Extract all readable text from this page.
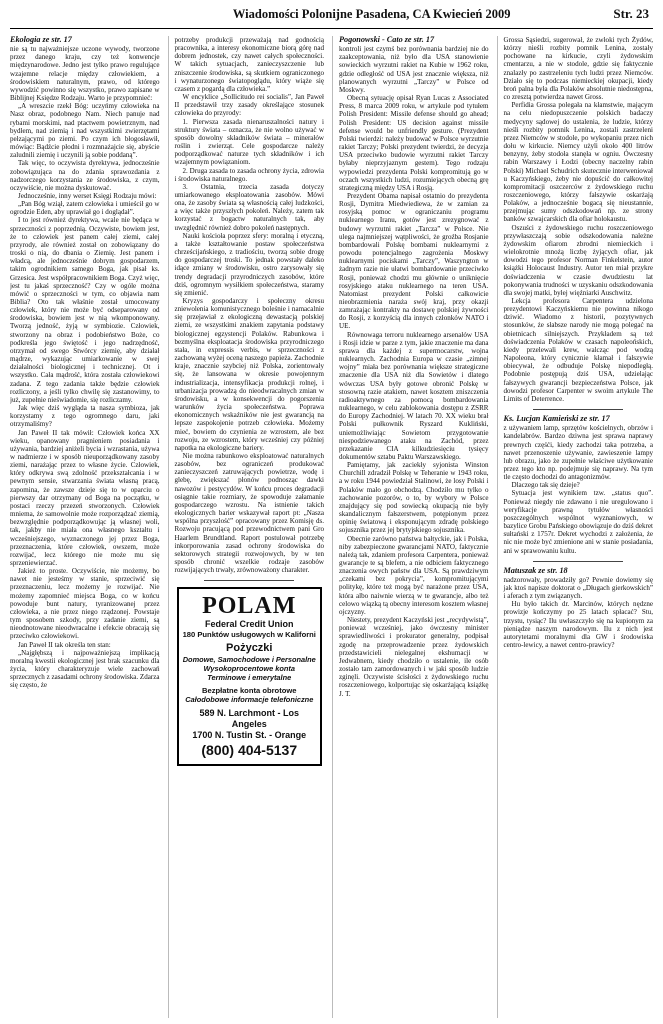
Wiadomości Polonijne Pasadena, CA Kwiecień 2009	Str. 23
Ekologia ze str. 17

nie są tu najważniejsze uczone wywody, tworzone przez danego kraju, czy też konwencje międzynarodowe. Jedno jest tylko prawo regulujące wzajemne relacje między człowiekiem, a środowiskiem naturalnym, prawo, od którego wywodzić powinno się wszystko, prawo zapisane w Biblijnej Księdze Rodzaju. Warto je przypomnieć:

„A wreszcie rzekł Bóg: uczyńmy człowieka na Nasz obraz, podobnego Nam. Niech panuje nad rybami morskimi, nad ptactwem powietrznym, nad bydłem, nad ziemią i nad wszystkimi zwierzętami pełzającymi po ziemi. Po czym ich błogosławił, mówiąc: Bądźcie płodni i rozmnażajcie się, abyście zaludnili ziemię i uczynili ją sobie poddaną”.

Tak więc, to oczywista dyrektywa, jednocześnie zobowiązująca na do zdania sprawozdania z nadzorczego korzystania ze środowiska, z czym, oczywiście, nie można dyskutować.

Jednocześnie, inny werset Księgi Rodzaju mówi:

„Pan Bóg wziął, zatem człowieka i umieścił go w ogrodzie Eden, aby uprawiał go i doglądał”.

I to jest również dyrektywa, wcale nie będąca w sprzeczności z poprzednią. Oczywiste, bowiem jest, że to człowiek jest panem całej ziemi, całej przyrody, ale również został on zobowiązany do troski o nią, do dbania o Ziemię. Jest panem i władcą, ale jednocześnie dobrym gospodarzem, takim ogrodnikiem samego Boga, jak pisał ks. Grzesica. Jest współpracownikiem Boga. Czyż więc, jest tu jakaś sprzeczność? Czy w ogóle można mówić o sprzeczności w tym, co objawia nam Biblia? Oto tak właśnie został umocowany człowiek, który nie może być odseparowany od środowiska, bowiem jest w nią wkomponowany. Tworzą jedność, żyją w symbiozie. Człowiek, stworzony na obraz i podobieństwo Boże, co podkreśla jego świętość i jego nadrzędność, otrzymał od swego Stwórcy ziemię, aby działał mądrze, wykazując umiarkowanie w swej działalności biologicznej i technicznej. Ot i wszystko. Cała mądrość, która została człowiekowi zadana. Z tego zadania także będzie człowiek rozliczony, a jeśli tylko chwilę się zastanowimy, to już, zupełnie nieświadomie, się rozliczamy.

Jak więc dziś wygląda ta nasza symbioza, jak korzystamy z tego ogromnego daru, jaki otrzymaliśmy?

Jan Paweł II tak mówił: Człowiek końca XX wieku, opanowany pragnieniem posiadania i używania, bardziej aniżeli bycia i wzrastania, używa w nadmierze i w sposób nieuporządkowany zasoby ziemi, narażając przez to własne życie. Człowiek, który odkrywa swą zdolność przekształcania i w pewnym sensie, stwarzania świata własną pracą, zapomina, że zawsze dzieje się to w oparciu o pierwszy dar otrzymany od Boga na początku, w postaci rzeczy przezeń stworzonych. Człowiek mniema, że samowolnie może rozporządzać ziemią, bezwzględnie podporządkowując ją własnej woli, tak, jakby nie miała ona własnego kształtu i wcześniejszego, wyznaczonego jej przez Boga, przeznaczenia, które człowiek, owszem, może rozwijać, lecz którego nie może mu się sprzeniewierzać.

Jakież to proste. Oczywiście, nie możemy, bo nawet nie jesteśmy w stanie, sprzeciwić się przeznaczeniu, lecz możemy je rozwijać. Nie możemy zapomnieć miejsca Boga, co w końcu powoduje bunt natury, tyranizowanej przez człowieka, a nie przez niego rządzonej. Powstaje tym sposobem szkody, przy zadanie ziemi, są nieodnotowane nieodwracalne i efekcie obracają się przeciwko człowiekowi.

Jan Paweł II tak określa ten stan:

„Najgłębszą i najpoważniejszą implikacją moralną kwestii ekologicznej jest brak szacunku dla życia, który charakteryzuje wiele zachowań sprzecznych z zasadami ochrony środowiska. Zdarza się często, że

potrzeby produkcji przeważają nad godnością pracownika, a interesy ekonomiczne biorą górę nad dobrem jednostek, czy nawet całych społeczności. W takich sytuacjach, zanieczyszczenie lub zniszczenie środowiska, są skutkiem ograniczonego i wynaturzonego światopoglądu, który wiąże się czasem z pogardą dla człowieka.”

W encyklice „Sollicitudo rei socialis”, Jan Paweł II przedstawił trzy zasady określające stosunek człowieka do przyrody:

1. Pierwsza zasada nienaruszalności natury i struktury świata – oznacza, że nie wolno używać w sposób dowolny składników świata – minerałów roślin i zwierząt. Cele gospodarcze należy podporządkować naturze tych składników i ich wzajemnym powiązaniom.

2. Druga zasada to zasada ochrony życia, zdrowia i środowiska naturalnego.

3. Ostatnia, trzecia zasada dotyczy umiarkowanego eksploatowania zasobów. Mówi ona, że zasoby świata są własnością całej ludzkości, a więc także przyszłych pokoleń. Należy, zatem tak korzystać z bogactw naturalnych tak, aby uwzględnić również dobro pokoleń następnych.

Nauki kościoła poprzez sfery: moralną i etyczną, a także kształtowanie postaw społeczeństwa chrześcijańskiego, z tradiościu, tworzą sobie drogę do gospodarczej troski. To jednak powstały daleko idące zmiany w środowisku, ostro zarysowały się trendy degradacji przyrodniczych zasobów, które dziś, ogromnym wysiłkiem społeczeństwa, staramy się zmienić.

Kryzys gospodarczy i społeczny okresu zniewolenia komunistycznego boleśnie i namacalnie się przejawiał z ekologiczną dewastacją polskiej ziemi, ze wszystkimi znakiem zapytania podstawy biologicznej egzystencji Polaków. Rabunkowa i bezmyślna eksploatacja środowiska przyrodniczego stała, in expressis verbis, w sprzeczności z zachowaną wyżej oceną naszego papieża. Zachodnie kraje, znacznie szybciej niż Polska, zorientowały się, że lansowana w okresie powojennym industrializacja, intensyfikacja produkcji rolnej, i urbanizacja prowadzą do nieodwracalnych zmian w środowisku, a w konsekwencji do pogorszenia warunków życia społeczeństwa. Poprawa ekonomicznych wskaźników nie jest gwarancją na lepsze zaspokojenie potrzeb człowieka. Możemy mieć, bowiem do czynienia ze wzrostem, ale bez rozwoju, ze wzrostem, który wcześniej czy później napotka na ekologiczne bariery.

Nie można rabunkowo eksploatować naturalnych zasobów, bez ograniczeń produkować zanieczyszczeń zatruwających powietrze, wodę i glebę, zwiększać płonów podnosząc dawki nawozów i pestycydów. W końcu proces degradacji osiągnie takie rozmiary, że spowoduje załamanie gospodarczego wzrostu. Na istnienie takich ekologicznych barier wskazywał raport pt: „Nasza wspólna przyszłość” opracowany przez Komisję ds. Rozwoju pracującą pod przewodnictwem pani Gro Haarlem Brundtland. Raport postulował potrzebę inkorporowania zasad ochrony środowiska do sektorowych strategii rozwojowych, by w ten sposób chronić wszelkie rodzaje zasobów rozwijających trwały, zrównoważony charakter.

POLAM
Federal Credit Union
180 Punktów usługowych w Kaliforni
Pożyczki
Domowe, Samochodowe i Personalne
Wysokoprocentowe konta
Terminowe i emerytalne
Bezpłatne konta obrotowe
Całodobowe informacje telefoniczne
589 N. Larchmont - Los Angeles
1700 N. Tustin St. - Orange
(800) 404-5137
Pogonowski - Cato ze str. 17

kontroli jest czymś bez porównania bardziej nie do zaakceptowania, niż było dla USA stanowienie sowieckich wyrzutni rakiet na Kubie w 1962 roku, gdzie odległość od USA jest znacznie większa, niż planowanych wyrzutni „Tarczy” w Polsce od Moskwy.

Obecną sytuację opisał Ryan Lucas z Associated Press, 8 marca 2009 roku, w artykule pod tytułem Polish President: Missile defense should go ahead; Polish President: US decision against missile defense would be unfriendly gesture. (Prezydent Polski twierdzi: należy budować w Polsce wyrzutnie rakiet Tarczy; Polski prezydent twierdzi, że decyzja USA przeciwko budowie wyrzutni rakiet Tarczy byłaby nieprzyjaznym gestem). Tego rodzaju wypowiedzi prezydenta Polski kompromitują go w oczach wszystkich ludzi, rozumiejących obecną grę strategiczną między USA i Rosją.

Prezydent Obama napisał ostatnio do prezydenta Rosji, Dymitra Miedwiediewa, że w zamian za rosyjską pomoc w ograniczaniu programu nuklearnego Iranu, gotów jest zrezygnować z budowy wyrzutni rakiet „Tarcza” w Polsce. Nie ulega najmniejszej wątpliwości, że groźba Rosjanie bombardowali Polskę bombami nuklearnymi z powodu potencjalnego zagrożenia Moskwy nuklearnymi pociskami „Tarczy”, Waszyngton w żadnym razie nie ułatwi bombardowanie przeciwko Rosji, ponieważ chodzi mu głównie o uniknięcie rosyjskiego ataku nuklearnego na teren USA. Natomiast prezydent Polski całkowicie nieobrazmienia naraża swój kraj, przy okazji zamrażając kontrakty na dostawę polskiej żywności do Rosji, z korzyścią dla innych członków NATO i UE.

Równowaga terroru nuklearnego arsenałów USA i Rosji idzie w parze z tym, jakie znaczenie ma dana sprawa dla każdej z supermocarstw, wojna nuklearnych. Zachodnia Europa w czasie „zimnej wojny” miała bez porównania większe strategiczne znaczenie dla USA niż dla Sowietów i dlatego wówczas USA były gotowe obronić Polskę w stosowną razie atakiem, nawet kosztem zniszczenia radioaktywnego za pomocą bombardowania nuklearnego, w celu zablokowania dostępu z ZSRR do Europy Zachodniej. W latach 70. XX wieku brał Polski pułkownik Ryszard Kukliński, uniemożliwiając Sowietom przygotowanie niespodziewanego ataku na Zachód, przez przekazanie CIA kilkudziesięciu tysięcy dokumentów sztabu Paktu Warszawskiego.

Pamiętamy, jak zaciekły syjonista Winston Churchill zdradził Polskę w Teheranie w 1943 roku, a w roku 1944 powiedział Stalinowi, że losy Polski i Polaków mało go obchodzą. Chodziło mu tylko o zachowanie pozorów, o to, by wybory w Polsce znajdujący się pod sowiecką okupacją nie były skandalicznym fałszerstwem, potępionym przez opinię światową i eksponującym zdradę polskiego sojusznika przez jej brytyjskiego sojusznika.

Obecnie zarówno państwa bałtyckie, jak i Polska, niby zabezpieczone gwarancjami NATO, faktycznie należą tak, zdaniem profesora Carpentera, ponieważ gwarancje te są blefem, a nie odbiciem faktycznego znaczenia owych państw dla USA. Są prawdziwym „czekami bez pokrycia”, kompromitującymi politykę, które też mogą być narażone przez USA, która albo naiwnie wierzą w te gwarancje, albo też celowo wiązką tą obecny interesom kosztem własnej ojczyzny.

Niestety, prezydent Kaczyński jest „recydywistą”, ponieważ wcześniej, jako ówczesny minister sprawiedliwości i prokurator generalny, podpisał zgodę na przeprowadzenie przez żydowskich przedstawicieli nielegalnej ekshumacji w Jedwabnem, kiedy chodziło o ustalenie, ile osób zostało tam zamordowanych i w jaki sposób ludzie zginęli. Oczywiste ścisłości z żydowskiego ruchu roszczeniowego, kolportując się oskarżającą książkę J. T.

Grossa Sąsiedzi, sugerował, że zwłoki tych Żydów, którzy nieśli rozbity pomnik Lenina, zostały pochowane na kirkucie, czyli żydowskim cmentarzu, a nie w stodole, gdzie się faktycznie znalazły po zastrzeleniu tych ludzi przez Niemców. Działo się to podczas niemieckiej okupacji, kiedy broń palna była dla Polaków absolutnie niedostępna, co zresztą potwierdza nawet Gross.

Perfidia Grossa polegała na kłamstwie, mającym na celu niedopuszczenie polskich badaczy medycyny sądowej do ustalenia, że ludzie, którzy nieśli rozbity pomnik Lenina, zostali zastrzeleni przez Niemców w stodole, po wykopaniu przez nich dołu w kirkucie. Niemcy użyli około 400 litrów benzyny, żeby stodoła stanęła w ogniu. Ówczesny rabin Warszawy i Łodzi (obecny naczelny rabin Polski) Michael Schudrich skutecznie interweniował u Kaczyńskiego, żeby nie dopuścić do całkowitej kompromitacji oszczerców z żydowskiego ruchu roszczeniowego, którzy fałszywie oskarżają Polaków, a jednocześnie bogacą się nieustannie, przejmując sumy odszkodowań np. ze strony banków szwajcarskich dla ofiar holokaustu.

Oszuści z żydowskiego ruchu roszczeniowego przywłaszczają sobie odszkodowania należne żydowskim ofiarom zbrodni niemieckich i wielokrotnie mnożą liczbę żyjących ofiar, jak dowodzi tego profesor Norman Finkelstein, autor książki Holocaust Industry. Autor ten miał przykre doświadczenia w czasie dwudziestu lat pokonywania trudności w uzyskaniu odszkodowania dla swojej matki, byłej więźniarki Auschwitz.

Lekcja profesora Carpentera udzielona prezydentowi Kaczyńskiemu nie powinna nikogo dziwić. Wiadomo z historii, pozytywnych stosunków, że słabsze narody nie mogą polegać na obietnicach silniejszych. Przykładem są też doświadczenia Polaków w czasach napoleońskich, kiedy przelewali krew, walcząc pod wodzą Napoleona, który cynicznie kłamał i fałszywie obiecywał, że odbuduje Polskę niepodległą. Podobnie postępują dziś USA, udzielając fałszywych gwarancji bezpieczeństwa Polsce, jak dowodzi profesor Carpenter w swoim artykule The Limits of Deterrence.

Ks. Lucjan Kamieński ze str. 17

z używaniem lamp, sprzętów kościelnych, obrzów i kandelabrów. Bardzo dziwna jest sprawa naprawy prewnych częśći, kiedy zachodzi taka potrzeba, a nawet przenoszenie używanie, zawieszenie lampy lub obrazu, jako że zupełnie właściwe użytkowanie przez tego kto np. podejmuje się naprawy. Na tym tle często dochodzi do antagonizmów.

Dlaczego tak się dzieje?

Sytuacja jest wynikiem tzw. „status quo”. Ponieważ niegdy nie zdawano i nie uregulowano i weryfikacje prawną tytułów własności poszczególnych wspólnot wyznaniowych, w bazylice Grobu Pańskiego obowiązuje do dziś dekret sułtański z 1757r. Dekret wychodzi z założenia, że nic nie może być zmienione ani w stanie posiadania, ani w sprawowaniu kultu.

Matuszak ze str. 18

nadzorowały, prowadziły go? Pewnie dowiemy się jak ktoś napisze doktorat o „Długach gierkowskich” i aferach z tym związanych.

Hu było takich dr. Marcinów, których nędzne prowizje kończymy po 25 latach spłacać? Stu, trzystu, tysiąc? Ilu uwłaszczyło się na kupionym za pieniądze naszym narodowym. Ilu z nich jest autorytetami moralnymi dla GW i środowiska centro-lewicy, a nawet centro-prawicy?
